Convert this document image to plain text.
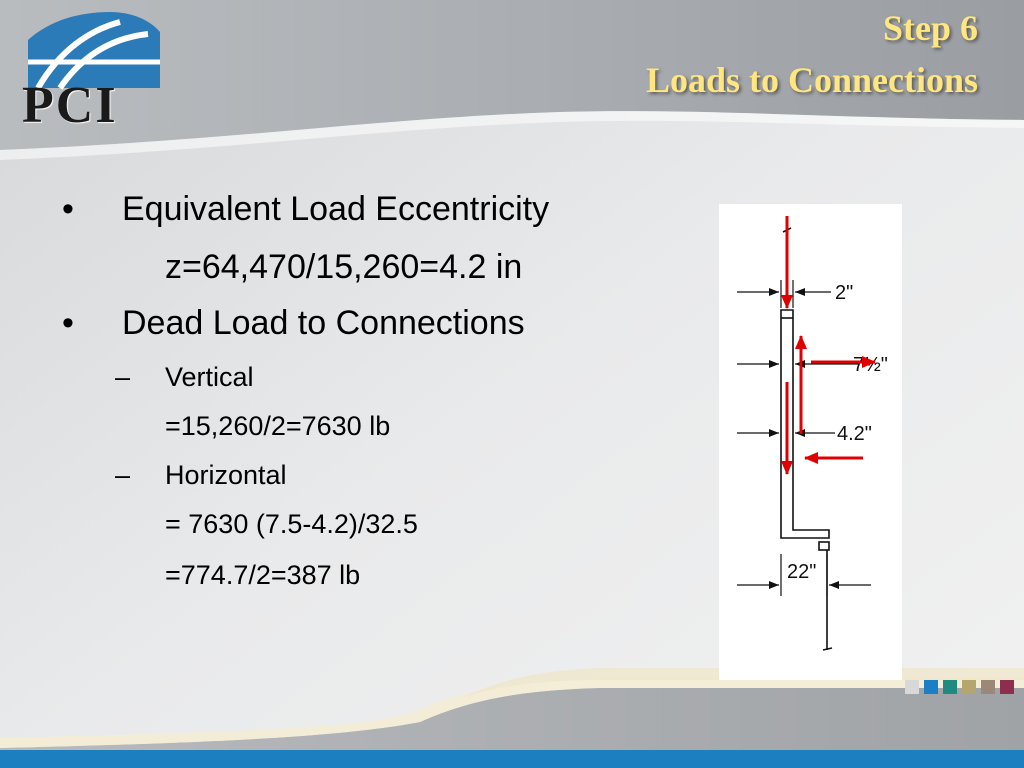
PCI
Step 6
Loads to Connections
• Equivalent Load Eccentricity
z=64,470/15,260=4.2 in
• Dead Load to Connections
– Vertical
=15,260/2=7630 lb
– Horizontal
= 7630 (7.5-4.2)/32.5
=774.7/2=387 lb
2"
7½"
4.2"
22"
